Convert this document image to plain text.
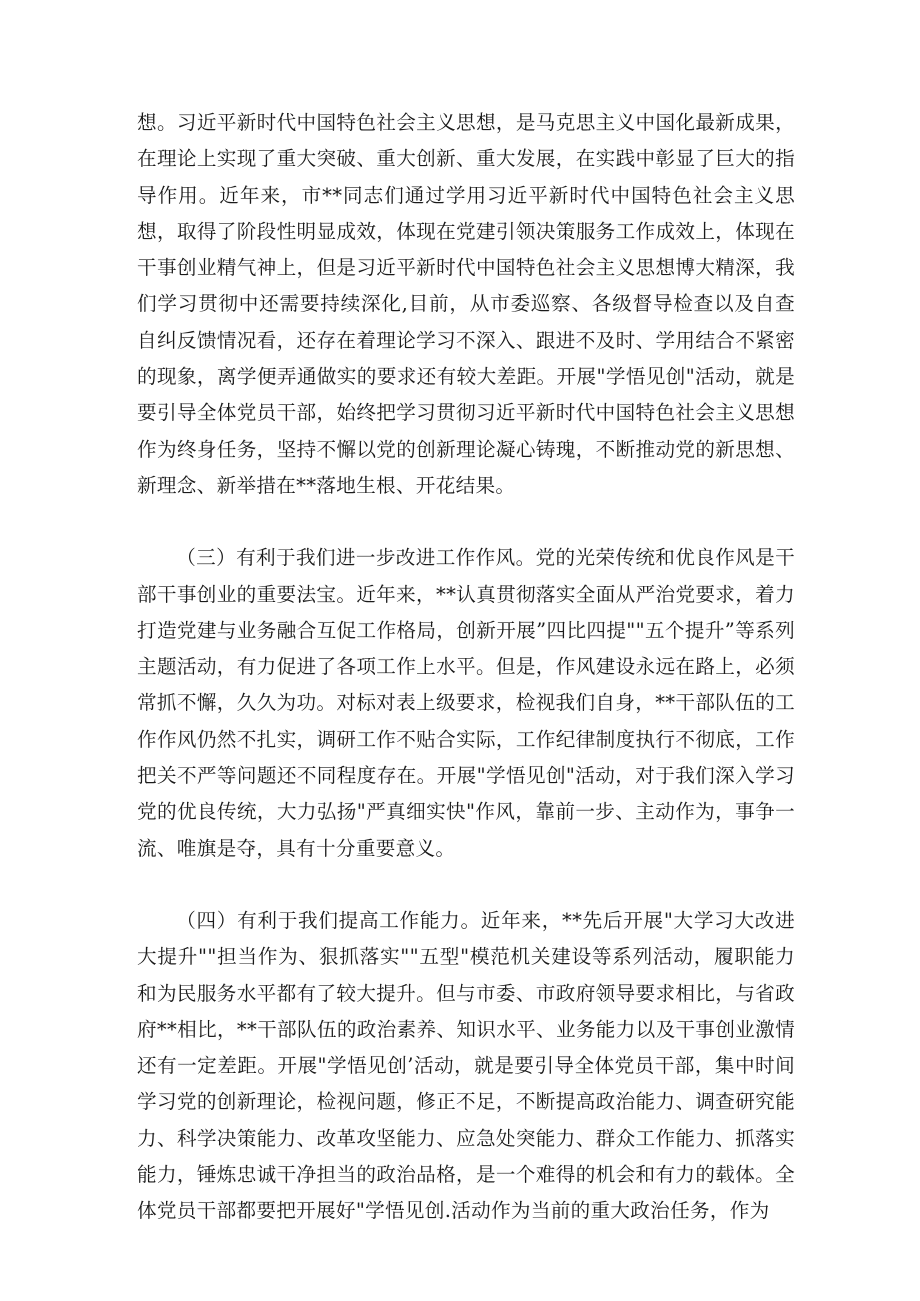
想。习近平新时代中国特色社会主义思想，是马克思主义中国化最新成果，在理论上实现了重大突破、重大创新、重大发展，在实践中彰显了巨大的指导作用。近年来，市**同志们通过学用习近平新时代中国特色社会主义思想，取得了阶段性明显成效，体现在党建引领决策服务工作成效上，体现在干事创业精气神上，但是习近平新时代中国特色社会主义思想博大精深，我们学习贯彻中还需要持续深化,目前，从市委巡察、各级督导检查以及自查自纠反馈情况看，还存在着理论学习不深入、跟进不及时、学用结合不紧密的现象，离学便弄通做实的要求还有较大差距。开展"学悟见创"活动，就是要引导全体党员干部，始终把学习贯彻习近平新时代中国特色社会主义思想作为终身任务，坚持不懈以党的创新理论凝心铸瑰，不断推动党的新思想、新理念、新举措在**落地生根、开花结果。

（三）有利于我们进一步改进工作作风。党的光荣传统和优良作风是干部干事创业的重要法宝。近年来，**认真贯彻落实全面从严治党要求，着力打造党建与业务融合互促工作格局，创新开展”四比四提""五个提升”等系列主题活动，有力促进了各项工作上水平。但是，作风建设永远在路上，必须常抓不懈，久久为功。对标对表上级要求，检视我们自身，**干部队伍的工作作风仍然不扎实，调研工作不贴合实际，工作纪律制度执行不彻底，工作把关不严等问题还不同程度存在。开展"学悟见创"活动，对于我们深入学习党的优良传统，大力弘扬"严真细实快"作风，靠前一步、主动作为，事争一流、唯旗是夺，具有十分重要意义。

（四）有利于我们提高工作能力。近年来，**先后开展"大学习大改进大提升""担当作为、狠抓落实""五型"模范机关建设等系列活动，履职能力和为民服务水平都有了较大提升。但与市委、市政府领导要求相比，与省政府**相比，**干部队伍的政治素养、知识水平、业务能力以及干事创业激情还有一定差距。开展"学悟见创’活动，就是要引导全体党员干部，集中时间学习党的创新理论，检视问题，修正不足，不断提高政治能力、调查研究能力、科学决策能力、改革攻坚能力、应急处突能力、群众工作能力、抓落实能力，锤炼忠诚干净担当的政治品格，是一个难得的机会和有力的载体。全体党员干部都要把开展好"学悟见创.活动作为当前的重大政治任务，作为
